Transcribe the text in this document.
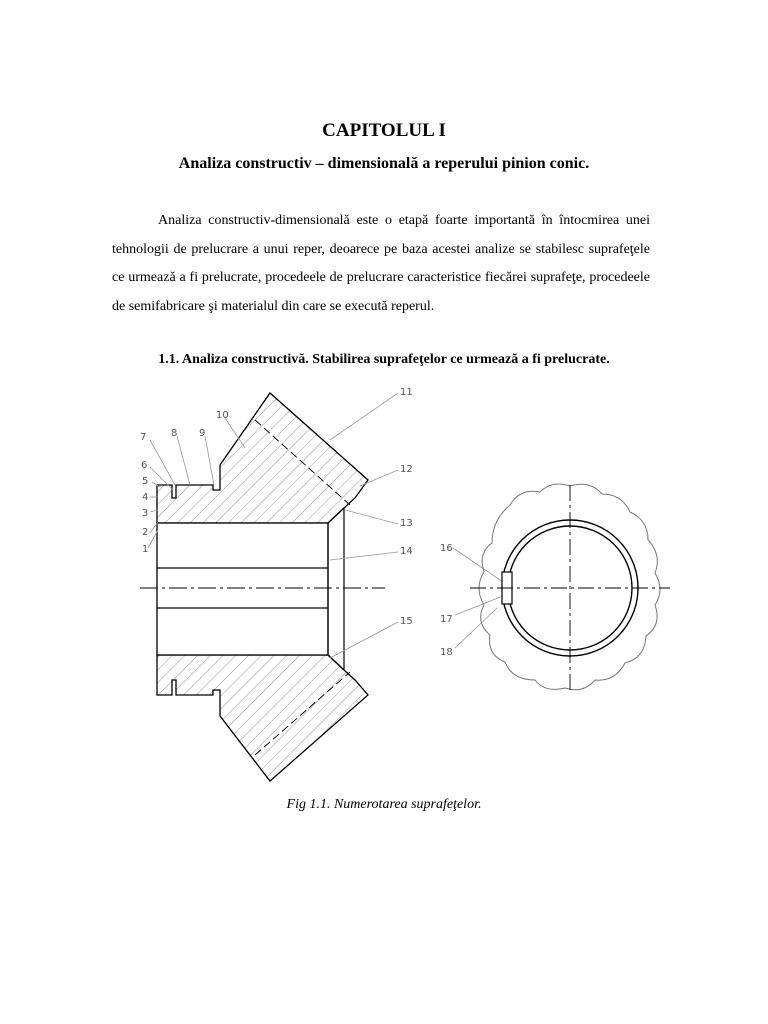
CAPITOLUL I
Analiza constructiv – dimensională a reperului pinion conic.

Analiza constructiv-dimensională este o etapă foarte importantă în întocmirea unei tehnologii de prelucrare a unui reper, deoarece pe baza acestei analize se stabilesc suprafeţele ce urmează a fi prelucrate, procedeele de prelucrare caracteristice fiecărei suprafeţe, procedeele de semifabricare şi materialul din care se execută reperul.

1.1. Analiza constructivă. Stabilirea suprafeţelor ce urmează a fi prelucrate.
1
2
3
4
5
6
7 8 9
10
11
12
13
14
15
16
17
18
Fig 1.1. Numerotarea suprafeţelor.
